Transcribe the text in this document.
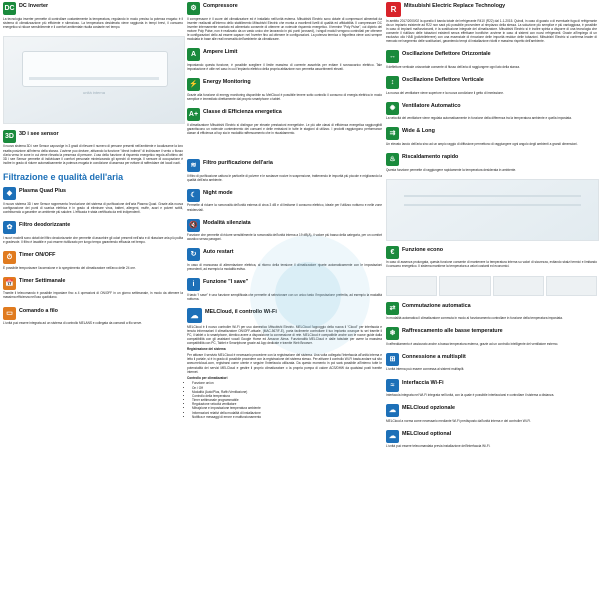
DC DC Inverter
La tecnologia inverter permette di controllare costantemente la temperatura, regolando in modo preciso la potenza erogata: è il sistema di climatizzazione più efficiente e silenzioso. La temperatura desiderata viene raggiunta in tempi brevi, il consumo energetico si riduce sensibilmente e il comfort ambientale risulta costante nel tempo.
unità interna
3D 3D i see sensor
Il nuovo sistema 3D i see Sensor capovolge in 3 gradi di rilevare il numero di persone presenti nell'ambiente e localizzarne la loro esatta posizione all'interno della stanza. L'aviene puo deviare, attivando la funzione "direct indirect" di indirizzare il vento o flusso d'aria verso le zone in cui viene rilevata la presenza di persone. L'uso della funzione di risparmio energetico regola all'ottimo del 3D i see Sensor permette di individuare il comfort personale minimizzando gli sprechi di energia. Il sensore di occupazione è inoltre in grado di ridurre automaticamente la potenza erogata in condizione di assenza per evitare di raffreddare dei locali vuoti.
Filtrazione e qualità dell'aria
◆	Plasma Quad Plus
Il nuovo sistema 3D i see Sensor rappresenta l'evoluzione del sistema di purificazione dell'aria Plasma Quad. Grazie alla nuova configurazione dei punti di scarica elettrica è in grado di eliminare virus, batteri, allergeni, muffe, acari e polveri sottili, contribuendo a garantire un ambiente più salubre. L'efficacia è stata certificata da enti indipendenti.
✿	Filtro deodorizzante
I nuovi modelli sono dotati del filtro deodorizzante che permette di assorbire gli odori presenti nell'aria e di rilasciare aria più pulita e gradevole. Il filtro è lavabile e può essere riutilizzato per lungo tempo garantendo efficacia nel tempo.
⏱	Timer ON/OFF
È possibile temporizzare l'accensione e lo spegnimento del climatizzatore nell'arco delle 24 ore.
📅 Timer Settimanale
Tramite il telecomando è possibile impostare fino a 4 operazioni di ON/OFF in un giorno settimanale, in modo da ottenere la massima efficienza nell'uso quotidiano.
▭	Comando a filo
L'unità può essere integrata ad un sistema di controllo MELANS e collegata da comandi a filo serve.
⚙	Compressore
Il compressore è il cuore del climatizzatore ed è installato nell'unità esterna. Mitsubishi Electric sono dotate di compressori alimentati da inverter realizzati all'interno dello stabilimento Mitsubishi Electric che monta a eccellenti livelli di qualità ed affidabilità. Il compressore DC Inverter internamente montato ed alimentato consente di ottenere un notevole risparmio energetico. Il termine "Poly Pulse", cui dipinto del motore Poly Pulse, non è realizzato da un vasto unico che lavorando in più punti (crossed), i singoli moduli vengono controllati per ottenere le configurazioni dello ad essere capace: nel 'inverter fino ad ottenere le configurazioni. La potenza termica o frigorifera viene così sempre modulata in base alle reali necessità dell'ambiente da climatizzare.
A	Ampere Limit
Impostando questa funzione, è possibile scegliere il limite massimo di corrente assorbita per evitare il sovraccarico elettrico. Tale impostazione è utile nel caso in cui l'impianto elettrico della propria abitazione non permetta assorbimenti elevati.
⚡ Energy Monitoring
Grazie alla funzione di energy monitoring disponibile su MelCloud è possibile tenere sotto controllo il consumo di energia elettrica in modo semplice e immediato direttamente dal proprio smartphone o tablet.
A+ Classe di Efficienza energetica
Il climatizzatore Mitsubishi Electric si distingue per elevate prestazioni energetiche. Le più alte classi di efficienza energetica raggiungibili garantiscono un notevole contenimento dei consumi e delle emissioni in tutte le stagioni di utilizzo. I prodotti raggiungono performance classe di efficienza al top sia in modalità raffrescamento che in riscaldamento.
≋	Filtro purificazione dell'aria
Il filtro di purificazione cattura le particelle di polvere e le sostanze nocive in sospensione, trattenendo le impurità più piccole e migliorando la qualità dell'aria ambiente.
☾	Night mode
Permette di ridurre la rumorosità dell'unità esterna di circa 3 dB e di limitarne il consumo elettrico, ideale per l'utilizzo notturno e nelle zone residenziali.
🔇 Modalità silenziata
Funzione che permette di ridurre sensibilmente la rumorosità dell'unità interna a 19 dB(A), il valore più basso della categoria, per un comfort acustico senza paragoni.
↻	Auto restart
In caso di mancanza di alimentazione elettrica, al ritorno della tensione il climatizzatore riparte automaticamente con le impostazioni precedenti, ad esempio la modalità estiva.
i	Funzione "I save"
Il tasto "i save" è una funzione semplificata che permette di selezionare con un unico tasto l'impostazione preferita, ad esempio la modalità notturna.
☁	MELCloud, il controllo Wi-Fi
MELCloud è il nuovo controller Wi-Fi per uso domestico Mitsubishi Electric. MELCloud l'appoggio della nuova il "Cloud" per interfaccia e tenuta informazioni il climatizzatore ON/OFF-attuale, (MAC-567IF-E), porta facilmente controllare il tuo impianto ovunque tu sei tramite il PC, il tablet o lo smartphone, identico avere a disposizione la connessione di rete. MELCloud è compatibile anche con le nuove guide dalla compatibilità con gli assistant vocali Google Home ed Amazon Alexa. Funzionalità MELCloud e dalle tabulate per avere la massima compatibilità con PC, Tablet e Smartphone grazie ad App dedicate e tramite Web Browser.
Registrazione del sistema
Per attivare il servizio MELCloud è necessario procedere con la registrazione del sistema. Una volta collegata l'interfaccia all'unità interna e letto il portale, si è in grado di possibile procedere con la registrazione del sistema stesso. Per attivare il controllo Wi-Fi basta andare sul sito www.melcloud.com, registrarsi come utente e seguire l'interfaccia utilizzata. Da questo momento in poi sarà possibile all'interno tutte le potenzialità dei servizi MELCloud e gestire il proprio climatizzatore o la propria pompa di calore ACS/DHW da qualsiasi posti tramite internet.
Controllo per climatizzatori
• Funzione on/on
• On / Off
• Modalità (Auto/Plus, Raffr./Ventilazione)
• Controllo della temperatura
• Timer settimanale programmabile
• Regolazione velocità ventilatore
• Mitrajzione e impostazione temperatura ambiente
• Informazioni relativi della modalità di installazione
• Notifica e messaggi di errore e malfunzionamento
R	Mitsubishi Electric Replace Technology
In ambito 2017/2000/02 la questio il banda totale del refrigerante R410 (R22) dal 1-1-2015. Quindi, in caso di guasto o di eventuale fuga di refrigerante da un impianto esistente ad R22 non sarà più possibile provvedere al rimpiazzo della stessa. La soluzione più semplice e più vantaggiosa, è possibile in caso di impianti malfunzionanti, è la sostituzione integrale del climatizzatore. Mitsubishi Electric si è inoltre spinta a disporre di una tecnologia che consente il riutilizzo delle tubazioni esistenti senza effettuare bonifiche: avviene in caso di sistemi con nuovi refrigeranti. Grazie all'impiego di un esclusivo olio HAB (polivinileterere) con una essenziale di rimozione delle impurità residue delle tubazioni. Mitsubishi Electric si conferma leader di mercato nel segmento delle sostituzioni, garantendo tempi di installazione ridotti e massimo rispetto dell'ambiente.
↔	Oscillazione Deflettore Orizzontale
Il deflettore verticale orizzontale consente di flusso dell'aria di raggiungere ogni lato della stanza.
↕	Oscillazione Deflettore Verticale
La nuova del ventilatore viene superiore e la nuova condizione il getto di immissione.
✹	Ventilatore Automatico
La velocità del ventilatore viene regolata automaticamente in funzione della differenza tra la temperatura ambiente e quella impostata.
⇉	Wide & Long
Un elevato lancio dell'aria sino ad un ampio raggio di diffusione permettono di raggiungere ogni angolo degli ambienti a grandi dimensioni.
♨	Riscaldamento rapido
Questa funzione permette di raggiungere rapidamente la temperatura desiderata in ambiente.
€	Funzione econo
In caso di assenza prolungata, questa funzione consente di mantenere la temperatura interna su valori di sicurezza, evitando sbalzi termici e limitando il consumo energetico. Il sistema mantiene la temperatura a valori costanti ed economici.
⇄	Commutazione automatica
In modalità automatica il climatizzatore commuta in modo al funzionamento controllare in funzione della temperatura impostata.
❄	Raffrescamento alle basse temperature
Il raffreddamento è assicurato anche a bassa temperatura esterna, grazie ad un controllo intelligente del ventilatore esterno.
⊞	Connessione a multisplit
L'unità interna può essere connessa ai sistemi multisplit.
≈	Interfaccia Wi-Fi
Interfaccia integrata nel Wi-Fi integrata nell'unità, con la quale è possibile interfacciarsi e controllare il sistema a distanza.
☁	MELCloud opzionale
MELCloud a norma come necessario mediante Wi-Fi predisposto dall'unità interna e del controller Wi-Fi.
☁	MELCloud optional
L'unità può essere telecomandata previa installazione dell'interfaccia Wi-Fi.
